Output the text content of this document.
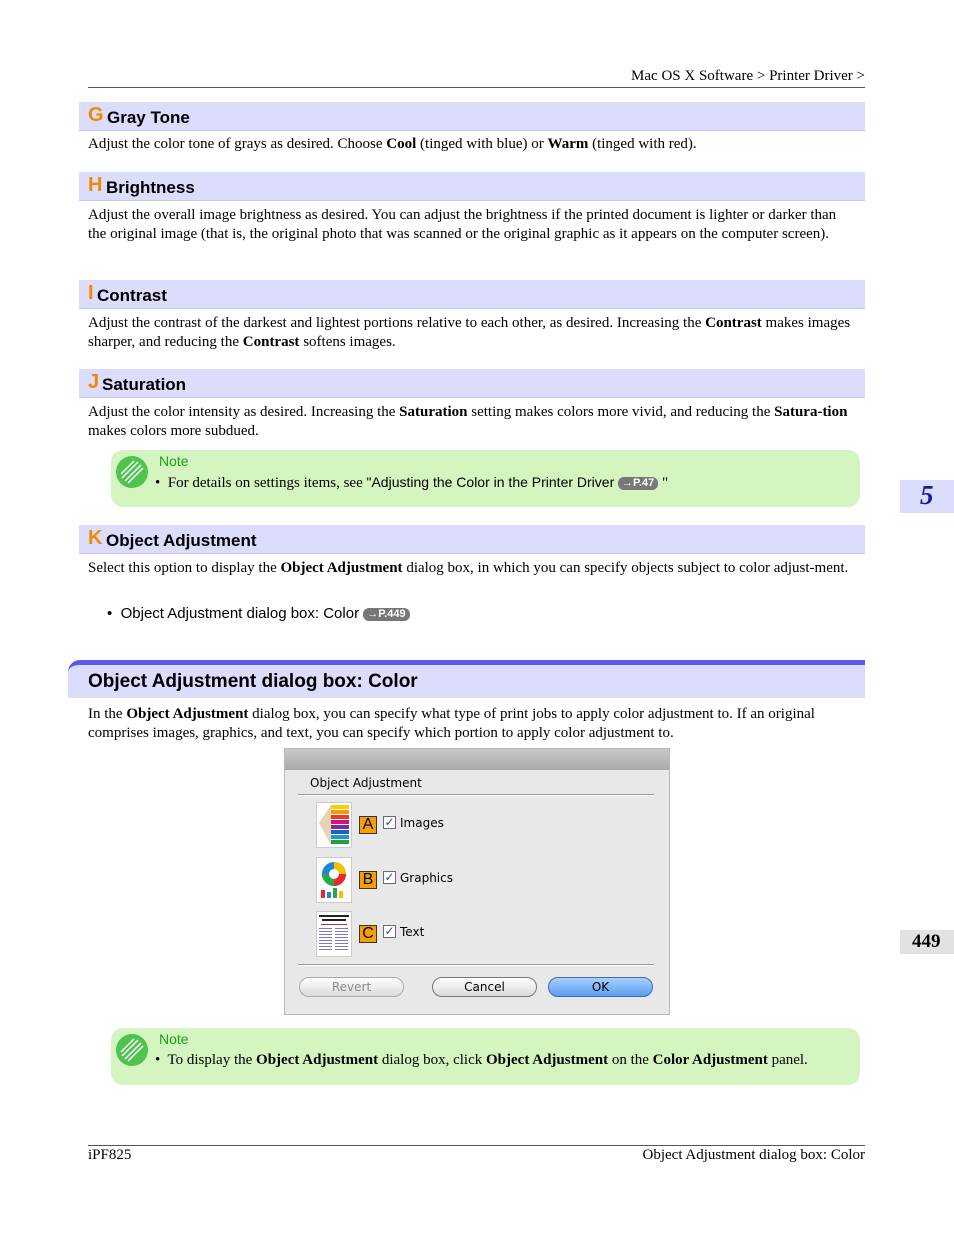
Mac OS X Software > Printer Driver >
G Gray Tone
Adjust the color tone of grays as desired. Choose Cool (tinged with blue) or Warm (tinged with red).
H Brightness
Adjust the overall image brightness as desired. You can adjust the brightness if the printed document is lighter or darker than the original image (that is, the original photo that was scanned or the original graphic as it appears on the computer screen).
I Contrast
Adjust the contrast of the darkest and lightest portions relative to each other, as desired. Increasing the Contrast makes images sharper, and reducing the Contrast softens images.
J Saturation
Adjust the color intensity as desired. Increasing the Saturation setting makes colors more vivid, and reducing the Satura-tion makes colors more subdued.
Note
• For details on settings items, see "Adjusting the Color in the Printer Driver →P.47 "	5
K Object Adjustment
Select this option to display the Object Adjustment dialog box, in which you can specify objects subject to color adjust-ment.
• Object Adjustment dialog box: Color →P.449
Object Adjustment dialog box: Color
In the Object Adjustment dialog box, you can specify what type of print jobs to apply color adjustment to. If an original comprises images, graphics, and text, you can specify which portion to apply color adjustment to.
Object Adjustment
A ✓ Images
B ✓ Graphics
C ✓ Text
Revert	Cancel	OK
449
Note
• To display the Object Adjustment dialog box, click Object Adjustment on the Color Adjustment panel.
iPF825	Object Adjustment dialog box: Color
